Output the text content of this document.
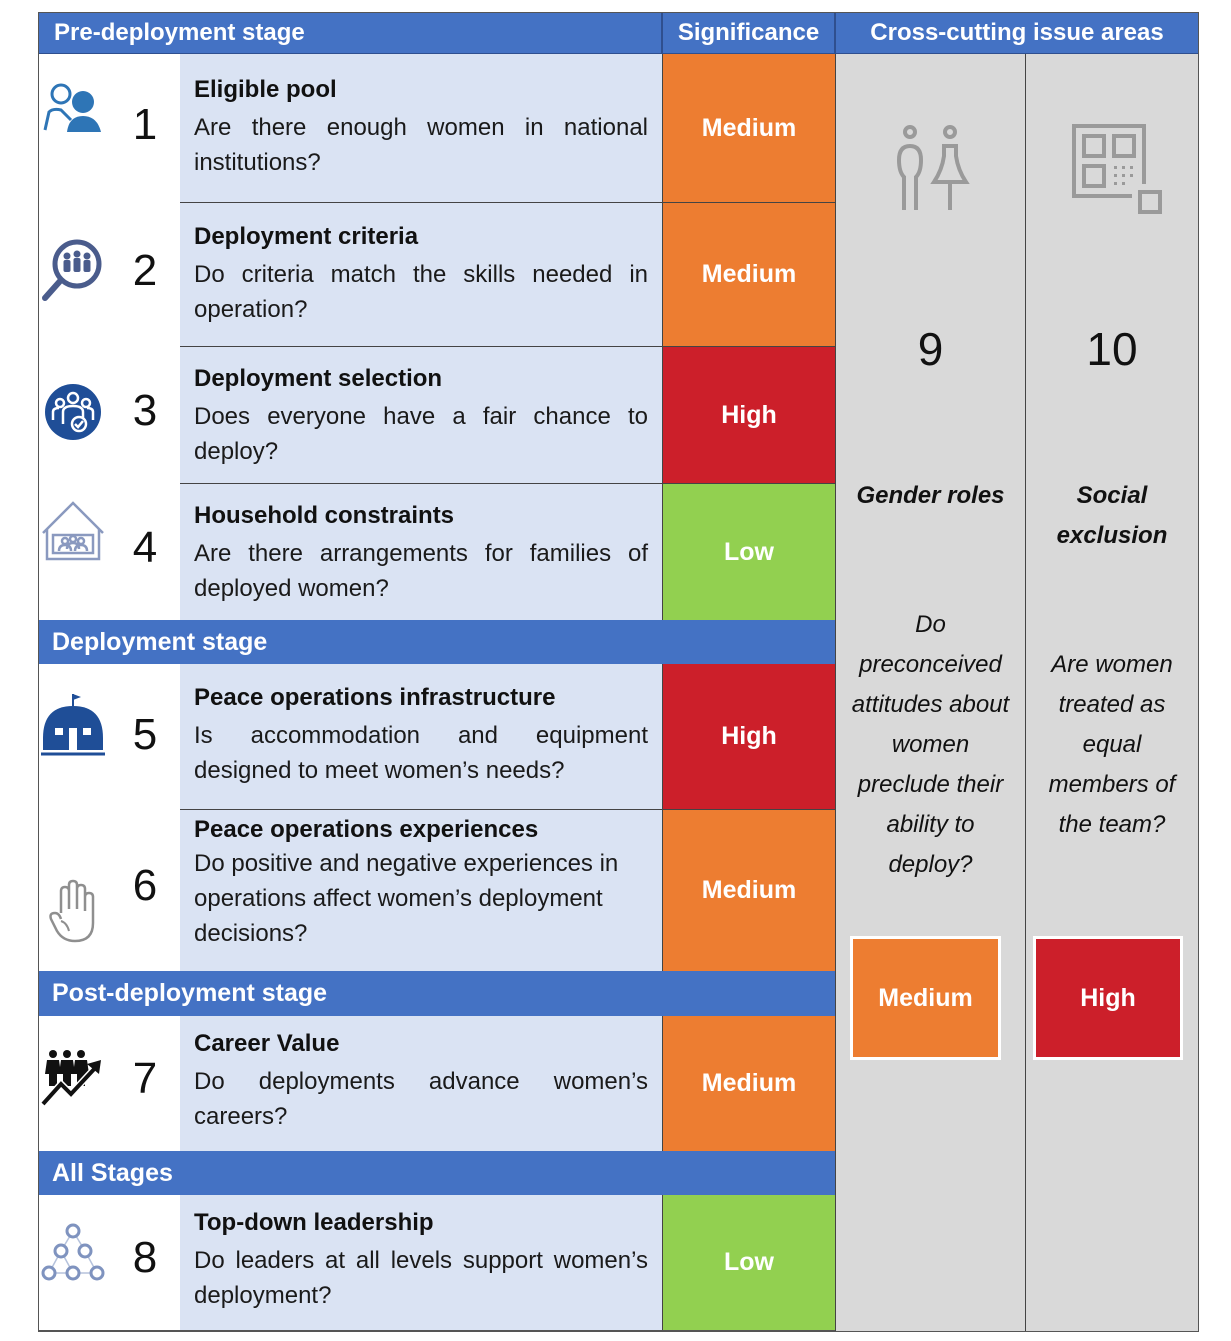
Pre-deployment stage	Significance	Cross-cutting issue areas
9
Gender roles
Do preconceived attitudes about women preclude their ability to deploy?
Medium
10
Social exclusion
Are women treated as equal members of the team?
High
1
Eligible pool
Are there enough women in national institutions?
Medium
2
Deployment criteria
Do criteria match the skills needed in operation?
Medium
3
Deployment selection
Does everyone have a fair chance to deploy?
High
4
Household constraints
Are there arrangements for families of deployed women?
Low
Deployment stage
5
Peace operations infrastructure
Is accommodation and equipment designed to meet women’s needs?
High
6
Peace operations experiences
Do positive and negative experiences in operations affect women’s deployment decisions?
Medium
Post-deployment stage
7
Career Value
Do deployments advance women’s careers?
Medium
All Stages
8
Top-down leadership
Do leaders at all levels support women’s deployment?
Low
